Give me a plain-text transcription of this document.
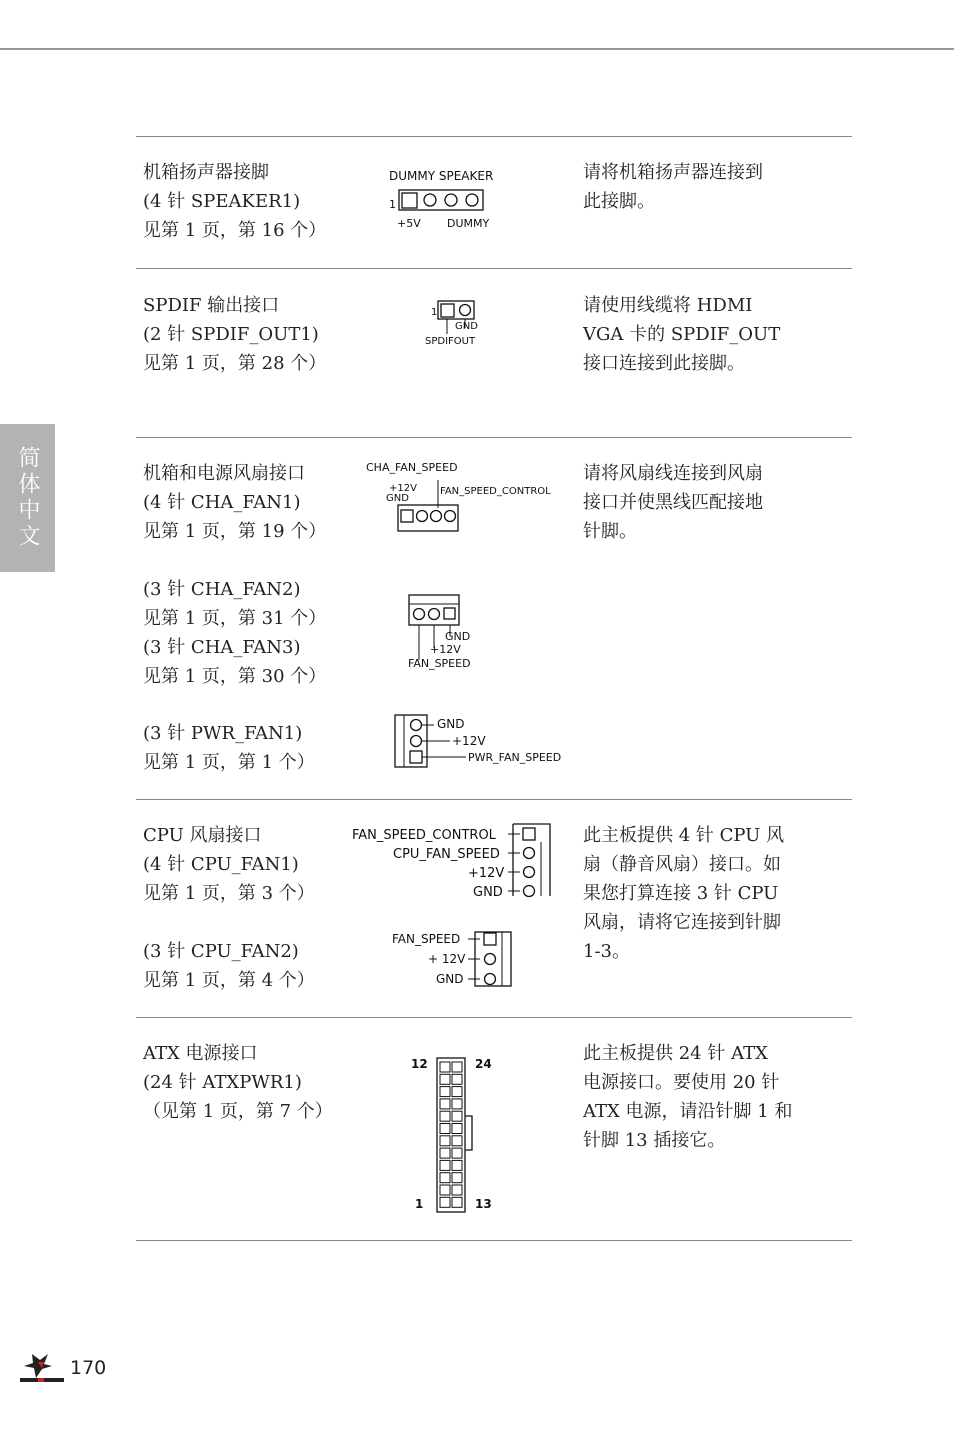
简体中文
机箱扬声器接脚
(4 针 SPEAKER1)
见第 1 页，第 16 个）
DUMMY SPEAKER
1
+5V DUMMY
请将机箱扬声器连接到
此接脚。
SPDIF 输出接口
(2 针 SPDIF_OUT1)
见第 1 页，第 28 个）
1
GND
SPDIFOUT
请使用线缆将 HDMI
VGA 卡的 SPDIF_OUT
接口连接到此接脚。
机箱和电源风扇接口
(4 针 CHA_FAN1)
见第 1 页，第 19 个）
(3 针 CHA_FAN2)
见第 1 页，第 31 个）
(3 针 CHA_FAN3)
见第 1 页，第 30 个）
(3 针 PWR_FAN1)
见第 1 页，第 1 个）
CHA_FAN_SPEED
+12V
GND
FAN_SPEED_CONTROL
GND
+12V
FAN_SPEED
GND
+12V
PWR_FAN_SPEED
请将风扇线连接到风扇
接口并使黑线匹配接地
针脚。
CPU 风扇接口
(4 针 CPU_FAN1)
见第 1 页，第 3 个）
(3 针 CPU_FAN2)
见第 1 页，第 4 个）
FAN_SPEED_CONTROL
CPU_FAN_SPEED
+12V
GND
FAN_SPEED
+ 12V
GND
此主板提供 4 针 CPU 风
扇（静音风扇）接口。如
果您打算连接 3 针 CPU
风扇，请将它连接到针脚
1-3。
ATX 电源接口
(24 针 ATXPWR1)
（见第 1 页，第 7 个）
12	24
1	13
此主板提供 24 针 ATX
电源接口。要使用 20 针
ATX 电源，请沿针脚 1 和
针脚 13 插接它。
170
